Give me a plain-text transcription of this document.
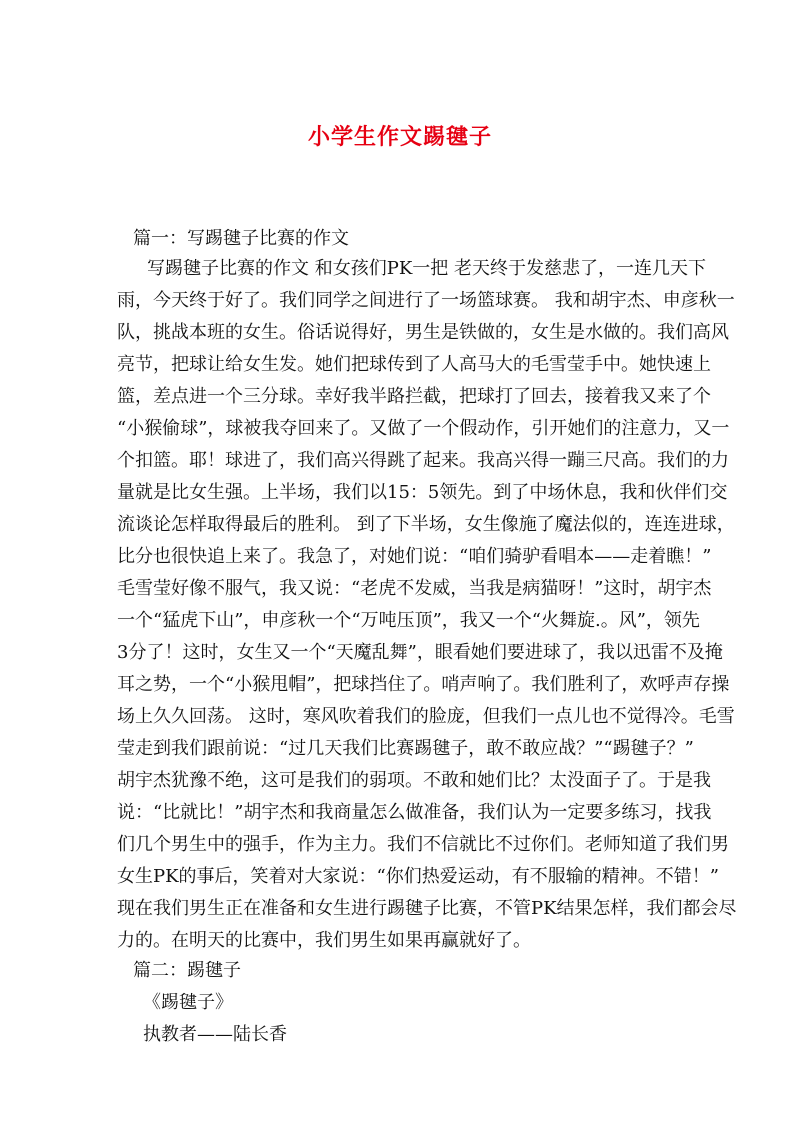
小学生作文踢毽子
篇一：写踢毽子比赛的作文
写踢毽子比赛的作文 和女孩们PK一把 老天终于发慈悲了，一连几天下
雨，今天终于好了。我们同学之间进行了一场篮球赛。 我和胡宇杰、申彦秋一
队，挑战本班的女生。俗话说得好，男生是铁做的，女生是水做的。我们高风
亮节，把球让给女生发。她们把球传到了人高马大的毛雪莹手中。她快速上
篮，差点进一个三分球。幸好我半路拦截，把球打了回去，接着我又来了个
“小猴偷球”，球被我夺回来了。又做了一个假动作，引开她们的注意力，又一
个扣篮。耶！球进了，我们高兴得跳了起来。我高兴得一蹦三尺高。我们的力
量就是比女生强。上半场，我们以15：5领先。到了中场休息，我和伙伴们交
流谈论怎样取得最后的胜利。 到了下半场，女生像施了魔法似的，连连进球，
比分也很快追上来了。我急了，对她们说：“咱们骑驴看唱本——走着瞧！”
毛雪莹好像不服气，我又说：“老虎不发威，当我是病猫呀！”这时，胡宇杰
一个“猛虎下山”，申彦秋一个“万吨压顶”，我又一个“火舞旋.。风”，领先
3分了！这时，女生又一个“天魔乱舞”，眼看她们要进球了，我以迅雷不及掩
耳之势，一个“小猴甩帽”，把球挡住了。哨声响了。我们胜利了，欢呼声存操
场上久久回荡。 这时，寒风吹着我们的脸庞，但我们一点儿也不觉得冷。毛雪
莹走到我们跟前说：“过几天我们比赛踢毽子，敢不敢应战？”“踢毽子？”
胡宇杰犹豫不绝，这可是我们的弱项。不敢和她们比？太没面子了。于是我
说：“比就比！”胡宇杰和我商量怎么做准备，我们认为一定要多练习，找我
们几个男生中的强手，作为主力。我们不信就比不过你们。老师知道了我们男
女生PK的事后，笑着对大家说：“你们热爱运动，有不服输的精神。不错！”
现在我们男生正在准备和女生进行踢毽子比赛，不管PK结果怎样，我们都会尽
力的。在明天的比赛中，我们男生如果再赢就好了。
篇二：踢毽子
《踢毽子》
执教者——陆长香
